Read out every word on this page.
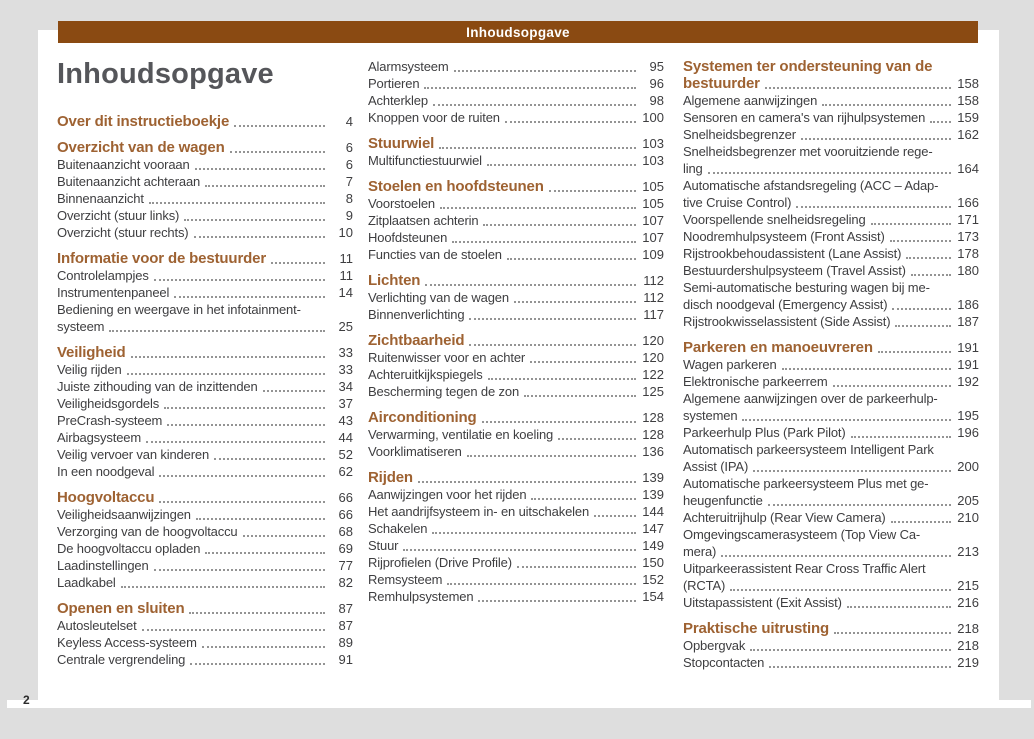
Inhoudsopgave
Inhoudsopgave
Over dit instructieboekje	4
Overzicht van de wagen	6
Buitenaanzicht vooraan	6
Buitenaanzicht achteraan	7
Binnenaanzicht	8
Overzicht (stuur links)	9
Overzicht (stuur rechts)	10
Informatie voor de bestuurder	11
Controlelampjes	11
Instrumentenpaneel	14
Bediening en weergave in het infotainment-
systeem	25
Veiligheid	33
Veilig rijden	33
Juiste zithouding van de inzittenden	34
Veiligheidsgordels	37
PreCrash-systeem	43
Airbagsysteem	44
Veilig vervoer van kinderen	52
In een noodgeval	62
Hoogvoltaccu	66
Veiligheidsaanwijzingen	66
Verzorging van de hoogvoltaccu	68
De hoogvoltaccu opladen	69
Laadinstellingen	77
Laadkabel	82
Openen en sluiten	87
Autosleutelset	87
Keyless Access-systeem	89
Centrale vergrendeling	91
Alarmsysteem	95
Portieren	96
Achterklep	98
Knoppen voor de ruiten	100
Stuurwiel	103
Multifunctiestuurwiel	103
Stoelen en hoofdsteunen	105
Voorstoelen	105
Zitplaatsen achterin	107
Hoofdsteunen	107
Functies van de stoelen	109
Lichten	112
Verlichting van de wagen	112
Binnenverlichting	117
Zichtbaarheid	120
Ruitenwisser voor en achter	120
Achteruitkijkspiegels	122
Bescherming tegen de zon	125
Airconditioning	128
Verwarming, ventilatie en koeling	128
Voorklimatiseren	136
Rijden	139
Aanwijzingen voor het rijden	139
Het aandrijfsysteem in- en uitschakelen	144
Schakelen	147
Stuur	149
Rijprofielen (Drive Profile)	150
Remsysteem	152
Remhulpsystemen	154
Systemen ter ondersteuning van de
bestuurder	158
Algemene aanwijzingen	158
Sensoren en camera's van rijhulpsystemen 159
Snelheidsbegrenzer	162
Snelheidsbegrenzer met vooruitziende rege-
ling	164
Automatische afstandsregeling (ACC – Adap-
tive Cruise Control)	166
Voorspellende snelheidsregeling	171
Noodremhulpsysteem (Front Assist)	173
Rijstrookbehoudassistent (Lane Assist)	178
Bestuurdershulpsysteem (Travel Assist)	180
Semi-automatische besturing wagen bij me-
disch noodgeval (Emergency Assist)	186
Rijstrookwisselassistent (Side Assist)	187
Parkeren en manoeuvreren	191
Wagen parkeren	191
Elektronische parkeerrem	192
Algemene aanwijzingen over de parkeerhulp-
systemen	195
Parkeerhulp Plus (Park Pilot)	196
Automatisch parkeersysteem Intelligent Park
Assist (IPA)	200
Automatische parkeersysteem Plus met ge-
heugenfunctie	205
Achteruitrijhulp (Rear View Camera)	210
Omgevingscamerasysteem (Top View Ca-
mera)	213
Uitparkeerassistent Rear Cross Traffic Alert
(RCTA)	215
Uitstapassistent (Exit Assist)	216
Praktische uitrusting	218
Opbergvak	218
Stopcontacten	219
2
